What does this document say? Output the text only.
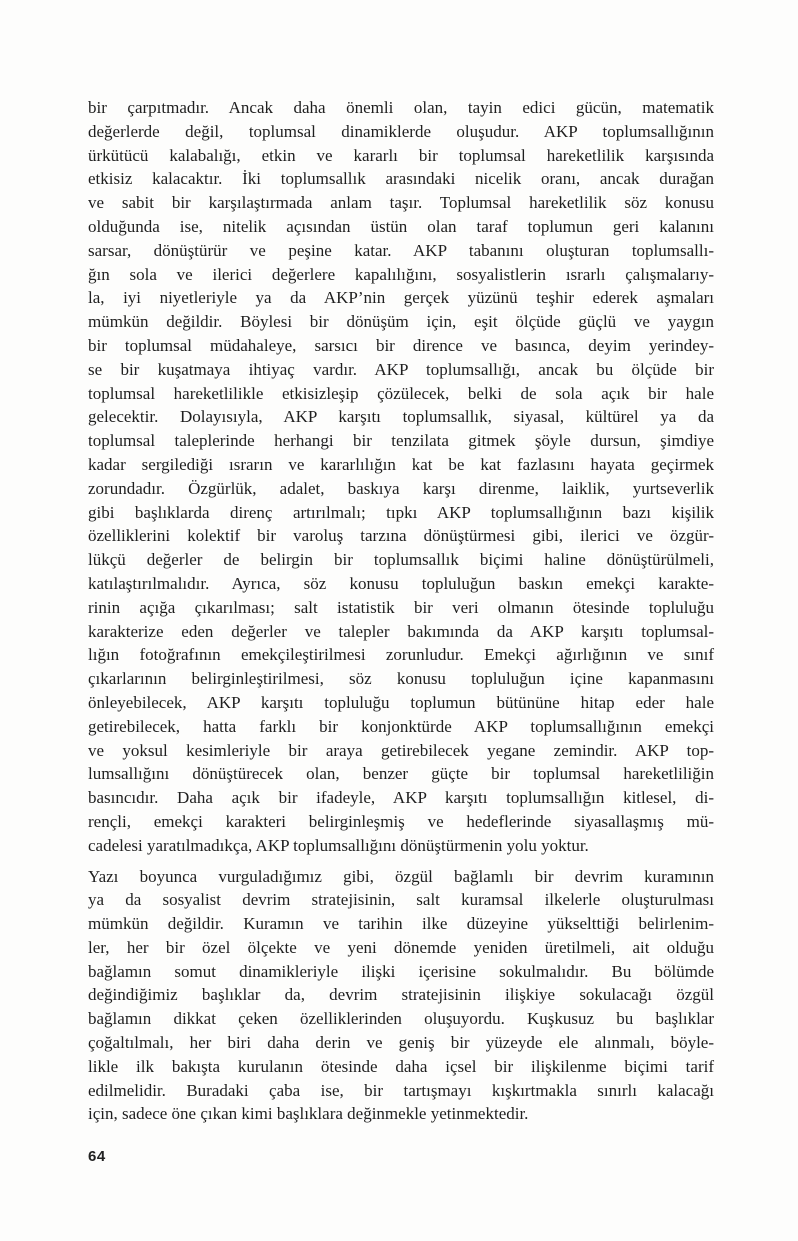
bir çarpıtmadır. Ancak daha önemli olan, tayin edici gücün, matematik
değerlerde değil, toplumsal dinamiklerde oluşudur. AKP toplumsallığının
ürkütücü kalabalığı, etkin ve kararlı bir toplumsal hareketlilik karşısında
etkisiz kalacaktır. İki toplumsallık arasındaki nicelik oranı, ancak durağan
ve sabit bir karşılaştırmada anlam taşır. Toplumsal hareketlilik söz konusu
olduğunda ise, nitelik açısından üstün olan taraf toplumun geri kalanını
sarsar, dönüştürür ve peşine katar. AKP tabanını oluşturan toplumsallı-
ğın sola ve ilerici değerlere kapalılığını, sosyalistlerin ısrarlı çalışmalarıy-
la, iyi niyetleriyle ya da AKP’nin gerçek yüzünü teşhir ederek aşmaları
mümkün değildir. Böylesi bir dönüşüm için, eşit ölçüde güçlü ve yaygın
bir toplumsal müdahaleye, sarsıcı bir dirence ve basınca, deyim yerindey-
se bir kuşatmaya ihtiyaç vardır. AKP toplumsallığı, ancak bu ölçüde bir
toplumsal hareketlilikle etkisizleşip çözülecek, belki de sola açık bir hale
gelecektir. Dolayısıyla, AKP karşıtı toplumsallık, siyasal, kültürel ya da
toplumsal taleplerinde herhangi bir tenzilata gitmek şöyle dursun, şimdiye
kadar sergilediği ısrarın ve kararlılığın kat be kat fazlasını hayata geçirmek
zorundadır. Özgürlük, adalet, baskıya karşı direnme, laiklik, yurtseverlik
gibi başlıklarda direnç artırılmalı; tıpkı AKP toplumsallığının bazı kişilik
özelliklerini kolektif bir varoluş tarzına dönüştürmesi gibi, ilerici ve özgür-
lükçü değerler de belirgin bir toplumsallık biçimi haline dönüştürülmeli,
katılaştırılmalıdır. Ayrıca, söz konusu topluluğun baskın emekçi karakte-
rinin açığa çıkarılması; salt istatistik bir veri olmanın ötesinde topluluğu
karakterize eden değerler ve talepler bakımında da AKP karşıtı toplumsal-
lığın fotoğrafının emekçileştirilmesi zorunludur. Emekçi ağırlığının ve sınıf
çıkarlarının belirginleştirilmesi, söz konusu topluluğun içine kapanmasını
önleyebilecek, AKP karşıtı topluluğu toplumun bütününe hitap eder hale
getirebilecek, hatta farklı bir konjonktürde AKP toplumsallığının emekçi
ve yoksul kesimleriyle bir araya getirebilecek yegane zemindir. AKP top-
lumsallığını dönüştürecek olan, benzer güçte bir toplumsal hareketliliğin
basıncıdır. Daha açık bir ifadeyle, AKP karşıtı toplumsallığın kitlesel, di-
rençli, emekçi karakteri belirginleşmiş ve hedeflerinde siyasallaşmış mü-
cadelesi yaratılmadıkça, AKP toplumsallığını dönüştürmenin yolu yoktur.
Yazı boyunca vurguladığımız gibi, özgül bağlamlı bir devrim kuramının
ya da sosyalist devrim stratejisinin, salt kuramsal ilkelerle oluşturulması
mümkün değildir. Kuramın ve tarihin ilke düzeyine yükselttiği belirlenim-
ler, her bir özel ölçekte ve yeni dönemde yeniden üretilmeli, ait olduğu
bağlamın somut dinamikleriyle ilişki içerisine sokulmalıdır. Bu bölümde
değindiğimiz başlıklar da, devrim stratejisinin ilişkiye sokulacağı özgül
bağlamın dikkat çeken özelliklerinden oluşuyordu. Kuşkusuz bu başlıklar
çoğaltılmalı, her biri daha derin ve geniş bir yüzeyde ele alınmalı, böyle-
likle ilk bakışta kurulanın ötesinde daha içsel bir ilişkilenme biçimi tarif
edilmelidir. Buradaki çaba ise, bir tartışmayı kışkırtmakla sınırlı kalacağı
için, sadece öne çıkan kimi başlıklara değinmekle yetinmektedir.
64
